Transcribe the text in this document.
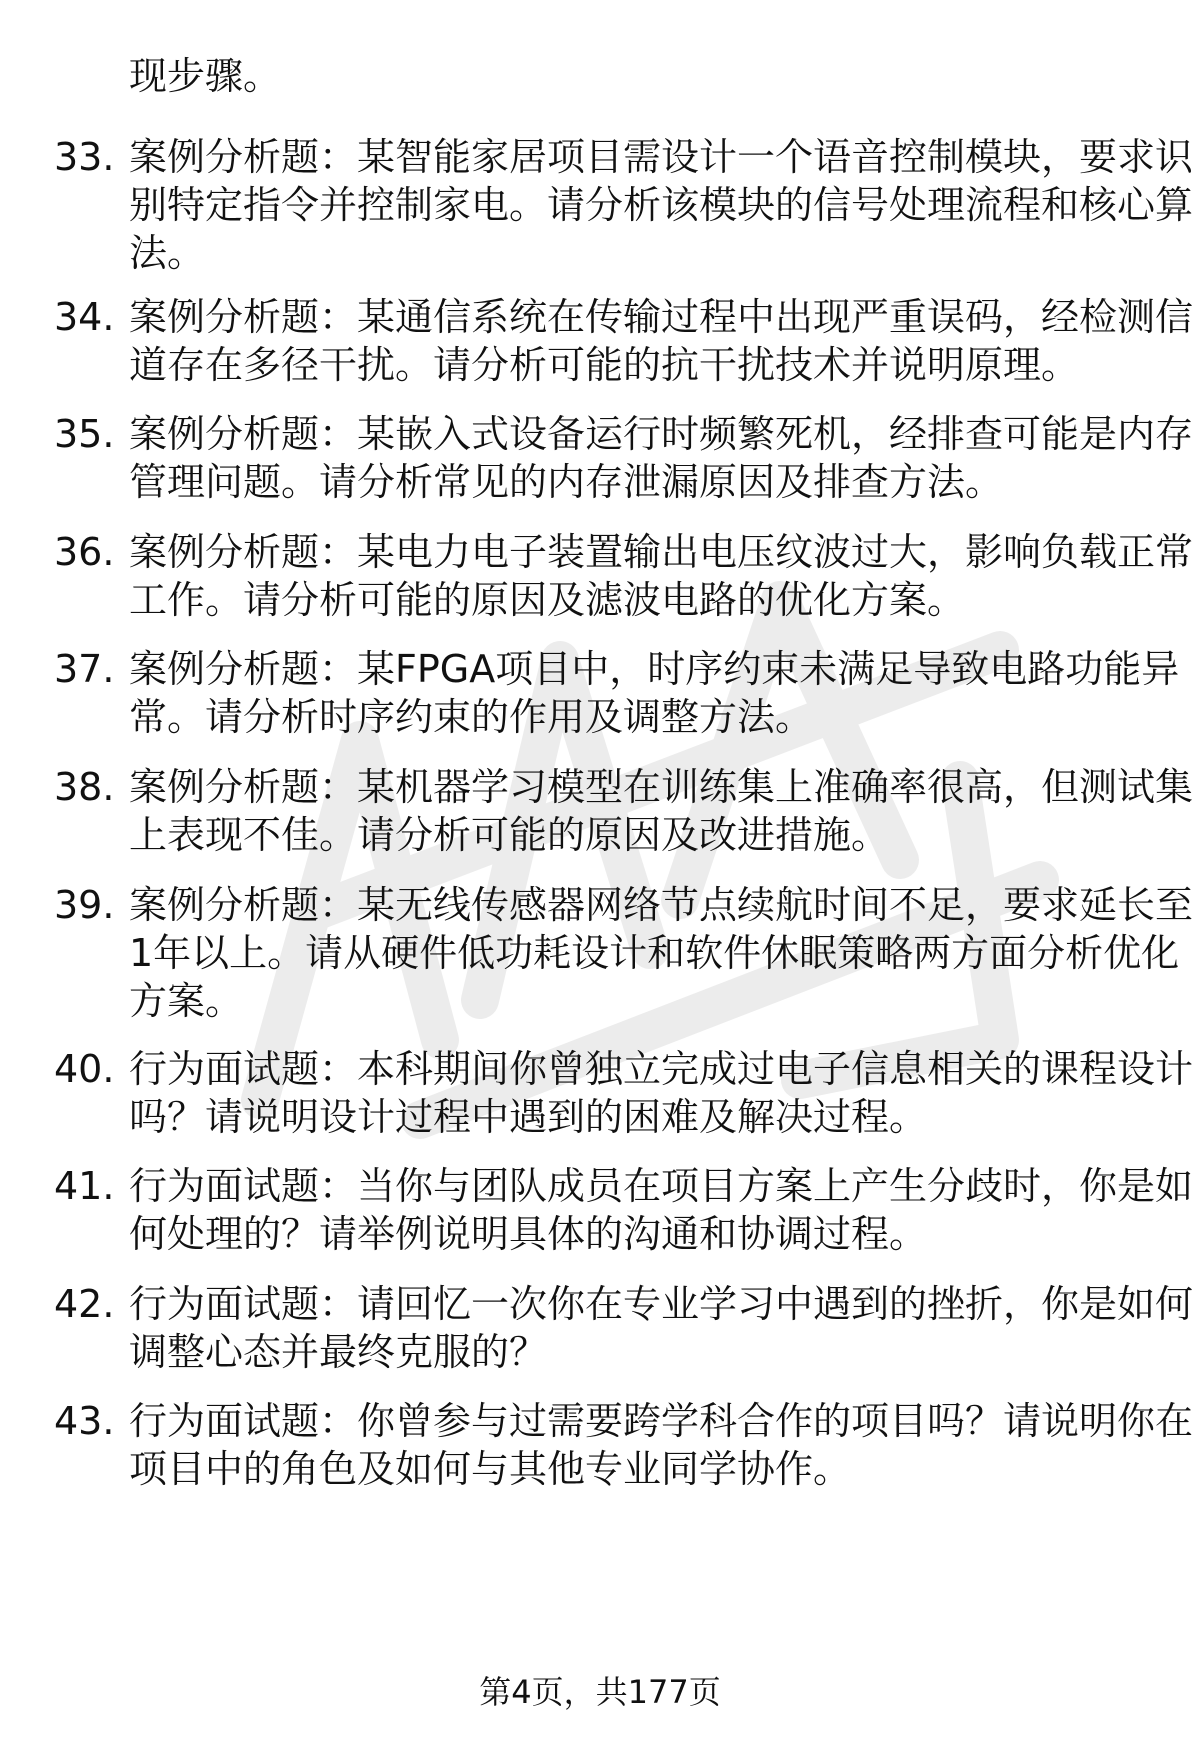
现步骤。
33. 案例分析题：某智能家居项目需设计一个语音控制模块，要求识别特定指令并控制家电。请分析该模块的信号处理流程和核心算法。
34. 案例分析题：某通信系统在传输过程中出现严重误码，经检测信道存在多径干扰。请分析可能的抗干扰技术并说明原理。
35. 案例分析题：某嵌入式设备运行时频繁死机，经排查可能是内存管理问题。请分析常见的内存泄漏原因及排查方法。
36. 案例分析题：某电力电子装置输出电压纹波过大，影响负载正常工作。请分析可能的原因及滤波电路的优化方案。
37. 案例分析题：某FPGA项目中，时序约束未满足导致电路功能异常。请分析时序约束的作用及调整方法。
38. 案例分析题：某机器学习模型在训练集上准确率很高，但测试集上表现不佳。请分析可能的原因及改进措施。
39. 案例分析题：某无线传感器网络节点续航时间不足，要求延长至1年以上。请从硬件低功耗设计和软件休眠策略两方面分析优化方案。
40. 行为面试题：本科期间你曾独立完成过电子信息相关的课程设计吗？请说明设计过程中遇到的困难及解决过程。
41. 行为面试题：当你与团队成员在项目方案上产生分歧时，你是如何处理的？请举例说明具体的沟通和协调过程。
42. 行为面试题：请回忆一次你在专业学习中遇到的挫折，你是如何调整心态并最终克服的？
43. 行为面试题：你曾参与过需要跨学科合作的项目吗？请说明你在项目中的角色及如何与其他专业同学协作。
第4页，共177页
